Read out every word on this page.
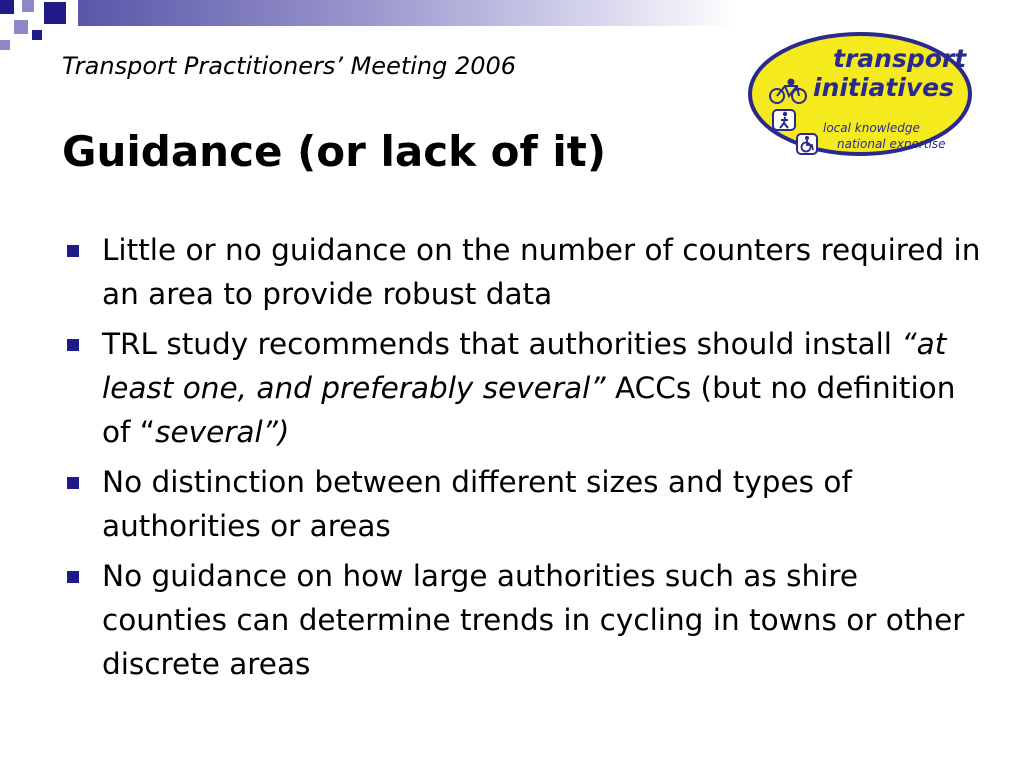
Transport Practitioners’ Meeting 2006
Guidance (or lack of it)
transport
initiatives
local knowledge
national expertise
Little or no guidance on the number of counters required in an area to provide robust data
TRL study recommends that authorities should install “at least one, and preferably several” ACCs (but no definition of “several”)
No distinction between different sizes and types of authorities or areas
No guidance on how large authorities such as shire counties can determine trends in cycling in towns or other discrete areas
